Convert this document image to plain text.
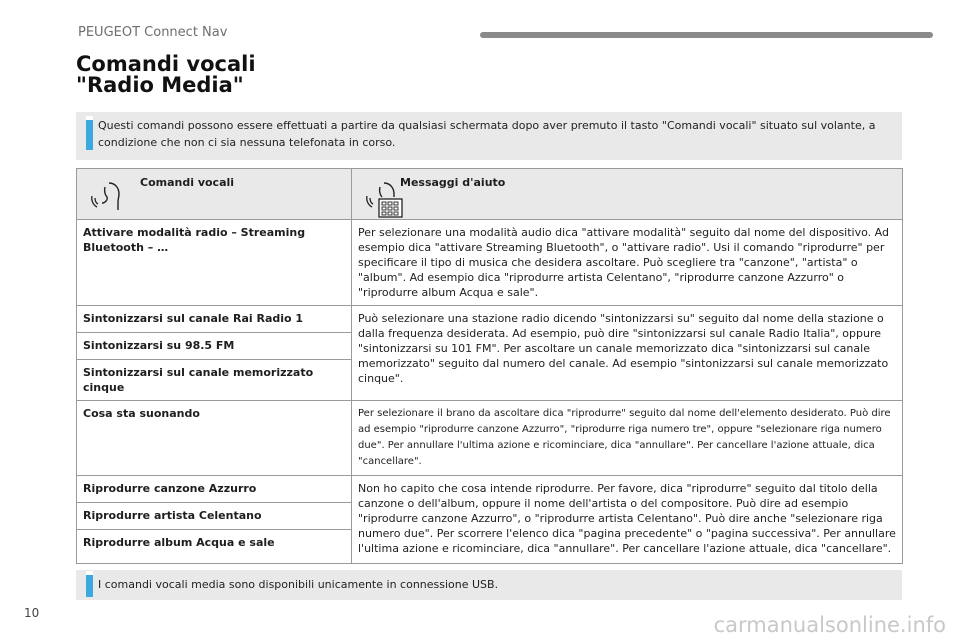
PEUGEOT Connect Nav
Comandi vocali
"Radio Media"
Questi comandi possono essere effettuati a partire da qualsiasi schermata dopo aver premuto il tasto "Comandi vocali" situato sul volante, a condizione che non ci sia nessuna telefonata in corso.
Comandi vocali	Messaggi d'aiuto

Attivare modalità radio – Streaming Bluetooth – …	Per selezionare una modalità audio dica "attivare modalità" seguito dal nome del dispositivo. Ad esempio dica "attivare Streaming Bluetooth", o "attivare radio". Usi il comando "riprodurre" per specificare il tipo di musica che desidera ascoltare. Può scegliere tra "canzone", "artista" o "album". Ad esempio dica "riprodurre artista Celentano", "riprodurre canzone Azzurro" o "riprodurre album Acqua e sale".
Sintonizzarsi sul canale Rai Radio 1	Può selezionare una stazione radio dicendo "sintonizzarsi su" seguito dal nome della stazione o dalla frequenza desiderata. Ad esempio, può dire "sintonizzarsi sul canale Radio Italia", oppure "sintonizzarsi su 101 FM". Per ascoltare un canale memorizzato dica "sintonizzarsi sul canale memorizzato" seguito dal numero del canale. Ad esempio "sintonizzarsi sul canale memorizzato cinque".
Sintonizzarsi su 98.5 FM	
Sintonizzarsi sul canale memorizzato cinque	
Cosa sta suonando	Per selezionare il brano da ascoltare dica "riprodurre" seguito dal nome dell'elemento desiderato. Può dire ad esempio "riprodurre canzone Azzurro", "riprodurre riga numero tre", oppure "selezionare riga numero due". Per annullare l'ultima azione e ricominciare, dica "annullare". Per cancellare l'azione attuale, dica "cancellare".
Riprodurre canzone Azzurro	Non ho capito che cosa intende riprodurre. Per favore, dica "riprodurre" seguito dal titolo della canzone o dell'album, oppure il nome dell'artista o del compositore. Può dire ad esempio "riprodurre canzone Azzurro", o "riprodurre artista Celentano". Può dire anche "selezionare riga numero due". Per scorrere l'elenco dica "pagina precedente" o "pagina successiva". Per annullare l'ultima azione e ricominciare, dica "annullare". Per cancellare l'azione attuale, dica "cancellare".
Riprodurre artista Celentano	
Riprodurre album Acqua e sale	
I comandi vocali media sono disponibili unicamente in connessione USB.
10	carmanualsonline.info
